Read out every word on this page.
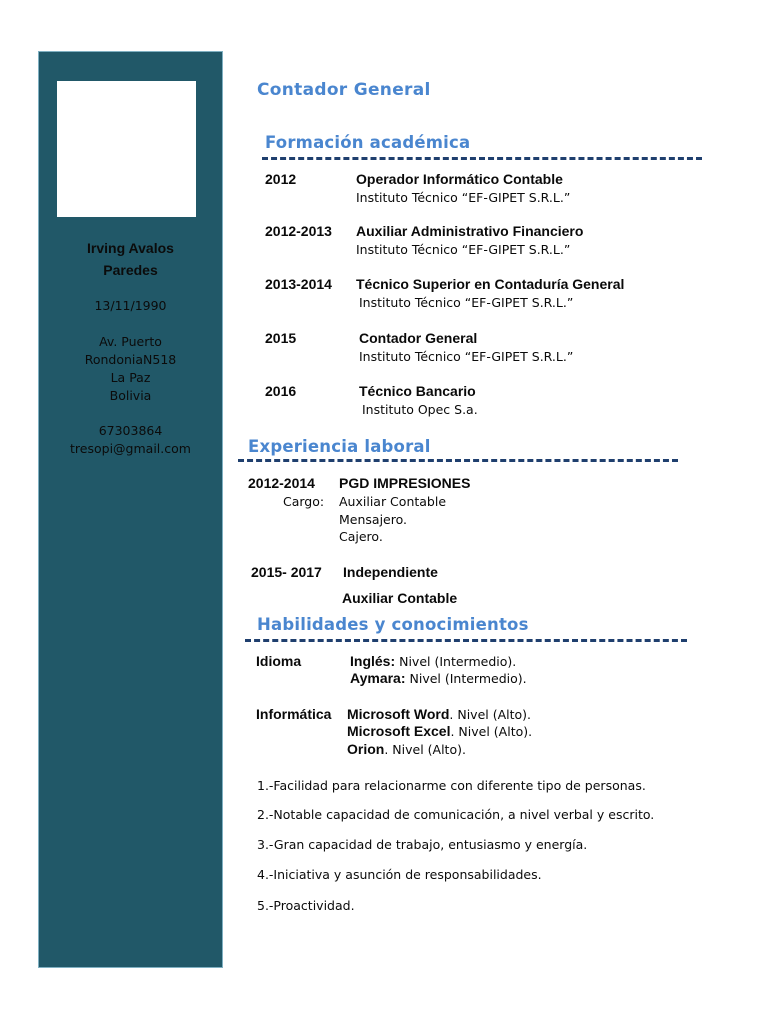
Irving Avalos
Paredes
13/11/1990
Av. Puerto
RondoniaN518
La Paz
Bolivia
67303864
tresopi@gmail.com
Contador General
Formación académica
2012	Operador Informático Contable
Instituto Técnico “EF-GIPET S.R.L.”
2012-2013 Auxiliar Administrativo Financiero
Instituto Técnico “EF-GIPET S.R.L.”
2013-2014 Técnico Superior en Contaduría General
Instituto Técnico “EF-GIPET S.R.L.”
2015	Contador General
Instituto Técnico “EF-GIPET S.R.L.”
2016	Técnico Bancario
Instituto Opec S.a.
Experiencia laboral
2012-2014 PGD IMPRESIONES
Cargo: Auxiliar Contable
Mensajero.
Cajero.
2015- 2017 Independiente
Auxiliar Contable
Habilidades y conocimientos
Idioma	Inglés: Nivel (Intermedio).
Aymara: Nivel (Intermedio).
Informática Microsoft Word. Nivel (Alto).
Microsoft Excel. Nivel (Alto).
Orion. Nivel (Alto).
1.-Facilidad para relacionarme con diferente tipo de personas.
2.-Notable capacidad de comunicación, a nivel verbal y escrito.
3.-Gran capacidad de trabajo, entusiasmo y energía.
4.-Iniciativa y asunción de responsabilidades.
5.-Proactividad.
